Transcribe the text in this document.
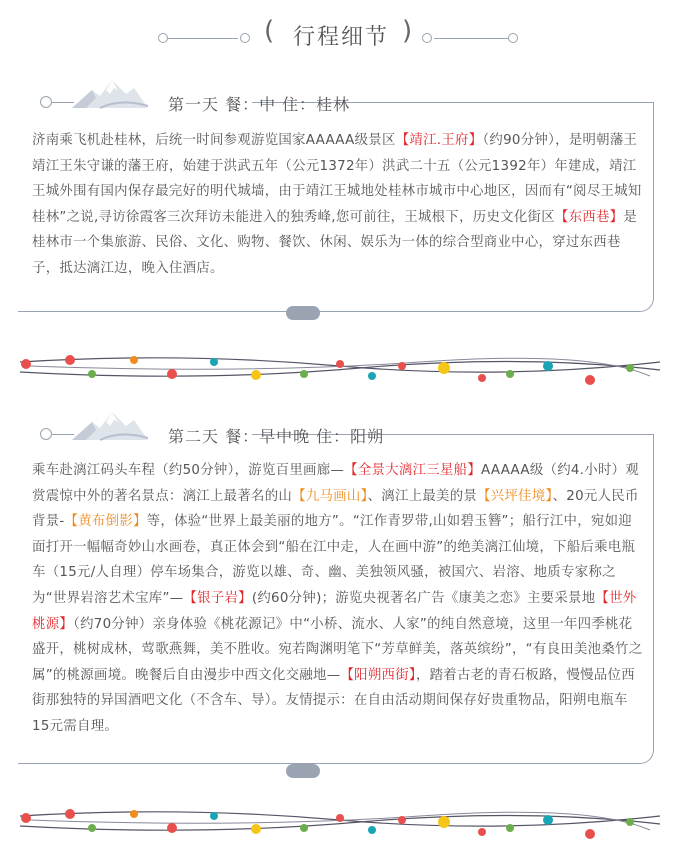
( 行程细节 )
第一天 餐：中 住：桂林
济南乘飞机赴桂林，后统一时间参观游览国家AAAAA级景区【靖江.王府】（约90分钟），是明朝藩王靖江王朱守谦的藩王府，始建于洪武五年（公元1372年）洪武二十五（公元1392年）年建成，靖江王城外围有国内保存最完好的明代城墙，由于靖江王城地处桂林市城市中心地区，因而有“阅尽王城知桂林”之说,寻访徐霞客三次拜访未能进入的独秀峰,您可前往，王城根下，历史文化街区【东西巷】是桂林市一个集旅游、民俗、文化、购物、餐饮、休闲、娱乐为一体的综合型商业中心，穿过东西巷子，抵达漓江边，晚入住酒店。
第二天 餐：早中晚 住：阳朔
乘车赴漓江码头车程（约50分钟），游览百里画廊—【全景大漓江三星船】AAAAA级（约4.小时）观赏震惊中外的著名景点：漓江上最著名的山【九马画山】、漓江上最美的景【兴坪佳境】、20元人民币背景-【黄布倒影】等，体验“世界上最美丽的地方”。“江作青罗带,山如碧玉簪”；船行江中，宛如迎面打开一幅幅奇妙山水画卷，真正体会到“船在江中走，人在画中游”的绝美漓江仙境，下船后乘电瓶车（15元/人自理）停车场集合，游览以雄、奇、幽、美独领风骚，被国穴、岩溶、地质专家称之为“世界岩溶艺术宝库”—【银子岩】(约60分钟)；游览央视著名广告《康美之恋》主要采景地【世外桃源】（约70分钟）亲身体验《桃花源记》中“小桥、流水、人家”的纯自然意境，这里一年四季桃花盛开，桃树成林，莺歌燕舞，美不胜收。宛若陶渊明笔下“芳草鲜美，落英缤纷”，“有良田美池桑竹之属”的桃源画境。晚餐后自由漫步中西文化交融地—【阳朔西街】，踏着古老的青石板路，慢慢品位西街那独特的异国酒吧文化（不含车、导）。友情提示：在自由活动期间保存好贵重物品，阳朔电瓶车15元需自理。
